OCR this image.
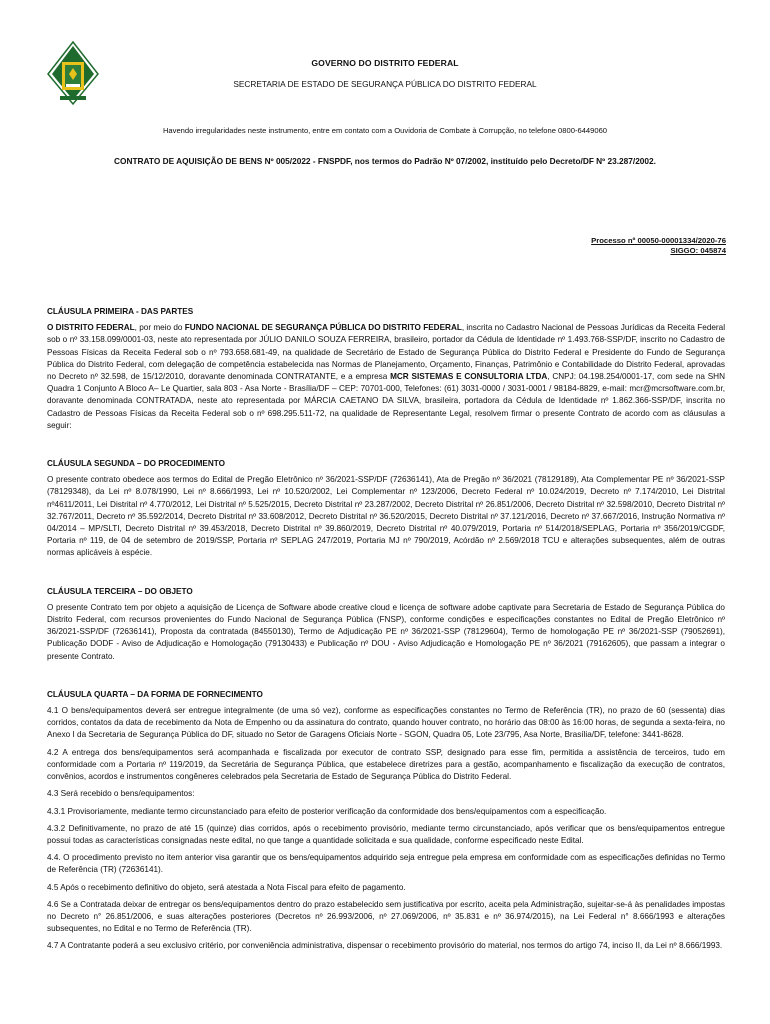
GOVERNO DO DISTRITO FEDERAL
SECRETARIA DE ESTADO DE SEGURANÇA PÚBLICA DO DISTRITO FEDERAL
Havendo irregularidades neste instrumento, entre em contato com a Ouvidoria de Combate à Corrupção, no telefone 0800-6449060
CONTRATO DE AQUISIÇÃO DE BENS Nº 005/2022 - FNSPDF, nos termos do Padrão Nº 07/2002, instituído pelo Decreto/DF Nº 23.287/2002.
Processo nº 00050-00001334/2020-76
SIGGO: 045874
CLÁUSULA PRIMEIRA - DAS PARTES

O DISTRITO FEDERAL, por meio do FUNDO NACIONAL DE SEGURANÇA PÚBLICA DO DISTRITO FEDERAL, inscrita no Cadastro Nacional de Pessoas Jurídicas da Receita Federal sob o nº 33.158.099/0001-03, neste ato representada por JÚLIO DANILO SOUZA FERREIRA, brasileiro, portador da Cédula de Identidade nº 1.493.768-SSP/DF, inscrito no Cadastro de Pessoas Físicas da Receita Federal sob o nº 793.658.681-49, na qualidade de Secretário de Estado de Segurança Pública do Distrito Federal e Presidente do Fundo de Segurança Pública do Distrito Federal, com delegação de competência estabelecida nas Normas de Planejamento, Orçamento, Finanças, Patrimônio e Contabilidade do Distrito Federal, aprovadas no Decreto nº 32.598, de 15/12/2010, doravante denominada CONTRATANTE, e a empresa MCR SISTEMAS E CONSULTORIA LTDA, CNPJ: 04.198.254/0001-17, com sede na SHN Quadra 1 Conjunto A Bloco A– Le Quartier, sala 803 - Asa Norte - Brasília/DF – CEP: 70701-000, Telefones: (61) 3031-0000 / 3031-0001 / 98184-8829, e-mail: mcr@mcrsoftware.com.br, doravante denominada CONTRATADA, neste ato representada por MÁRCIA CAETANO DA SILVA, brasileira, portadora da Cédula de Identidade nº 1.862.366-SSP/DF, inscrita no Cadastro de Pessoas Físicas da Receita Federal sob o nº 698.295.511-72, na qualidade de Representante Legal, resolvem firmar o presente Contrato de acordo com as cláusulas a seguir:

CLÁUSULA SEGUNDA – DO PROCEDIMENTO

O presente contrato obedece aos termos do Edital de Pregão Eletrônico nº 36/2021-SSP/DF (72636141), Ata de Pregão nº 36/2021 (78129189), Ata Complementar PE nº 36/2021-SSP (78129348), da Lei nº 8.078/1990, Lei nº 8.666/1993, Lei nº 10.520/2002, Lei Complementar nº 123/2006, Decreto Federal nº 10.024/2019, Decreto nº 7.174/2010, Lei Distrital nº4611/2011, Lei Distrital nº 4.770/2012, Lei Distrital nº 5.525/2015, Decreto Distrital nº 23.287/2002, Decreto Distrital nº 26.851/2006, Decreto Distrital nº 32.598/2010, Decreto Distrital nº 32.767/2011, Decreto nº 35.592/2014, Decreto Distrital nº 33.608/2012, Decreto Distrital nº 36.520/2015, Decreto Distrital nº 37.121/2016, Decreto nº 37.667/2016, Instrução Normativa nº 04/2014 – MP/SLTI, Decreto Distrital nº 39.453/2018, Decreto Distrital nº 39.860/2019, Decreto Distrital nº 40.079/2019, Portaria nº 514/2018/SEPLAG, Portaria nº 356/2019/CGDF, Portaria nº 119, de 04 de setembro de 2019/SSP, Portaria nº SEPLAG 247/2019, Portaria MJ nº 790/2019, Acórdão nº 2.569/2018 TCU e alterações subsequentes, além de outras normas aplicáveis à espécie.

CLÁUSULA TERCEIRA – DO OBJETO

O presente Contrato tem por objeto a aquisição de Licença de Software abode creative cloud e licença de software adobe captivate para Secretaria de Estado de Segurança Pública do Distrito Federal, com recursos provenientes do Fundo Nacional de Segurança Pública (FNSP), conforme condições e especificações constantes no Edital de Pregão Eletrônico nº 36/2021-SSP/DF (72636141), Proposta da contratada (84550130), Termo de Adjudicação PE nº 36/2021-SSP (78129604), Termo de homologação PE nº 36/2021-SSP (79052691), Publicação DODF - Aviso de Adjudicação e Homologação (79130433) e Publicação nº DOU - Aviso Adjudicação e Homologação PE nº 36/2021 (79162605), que passam a integrar o presente Contrato.

CLÁUSULA QUARTA – DA FORMA DE FORNECIMENTO

4.1 O bens/equipamentos deverá ser entregue integralmente (de uma só vez), conforme as especificações constantes no Termo de Referência (TR), no prazo de 60 (sessenta) dias corridos, contatos da data de recebimento da Nota de Empenho ou da assinatura do contrato, quando houver contrato, no horário das 08:00 às 16:00 horas, de segunda a sexta-feira, no Anexo I da Secretaria de Segurança Pública do DF, situado no Setor de Garagens Oficiais Norte - SGON, Quadra 05, Lote 23/795, Asa Norte, Brasília/DF, telefone: 3441-8628.

4.2 A entrega dos bens/equipamentos será acompanhada e fiscalizada por executor de contrato SSP, designado para esse fim, permitida a assistência de terceiros, tudo em conformidade com a Portaria nº 119/2019, da Secretária de Segurança Pública, que estabelece diretrizes para a gestão, acompanhamento e fiscalização da execução de contratos, convênios, acordos e instrumentos congêneres celebrados pela Secretaria de Estado de Segurança Pública do Distrito Federal.

4.3 Será recebido o bens/equipamentos:

4.3.1 Provisoriamente, mediante termo circunstanciado para efeito de posterior verificação da conformidade dos bens/equipamentos com a especificação.

4.3.2 Definitivamente, no prazo de até 15 (quinze) dias corridos, após o recebimento provisório, mediante termo circunstanciado, após verificar que os bens/equipamentos entregue possui todas as características consignadas neste edital, no que tange a quantidade solicitada e sua qualidade, conforme especificado neste Edital.

4.4. O procedimento previsto no item anterior visa garantir que os bens/equipamentos adquirido seja entregue pela empresa em conformidade com as especificações definidas no Termo de Referência (TR) (72636141).

4.5 Após o recebimento definitivo do objeto, será atestada a Nota Fiscal para efeito de pagamento.

4.6 Se a Contratada deixar de entregar os bens/equipamentos dentro do prazo estabelecido sem justificativa por escrito, aceita pela Administração, sujeitar-se-á às penalidades impostas no Decreto n° 26.851/2006, e suas alterações posteriores (Decretos nº 26.993/2006, nº 27.069/2006, nº 35.831 e nº 36.974/2015), na Lei Federal n° 8.666/1993 e alterações subsequentes, no Edital e no Termo de Referência (TR).

4.7 A Contratante poderá a seu exclusivo critério, por conveniência administrativa, dispensar o recebimento provisório do material, nos termos do artigo 74, inciso II, da Lei nº 8.666/1993.
